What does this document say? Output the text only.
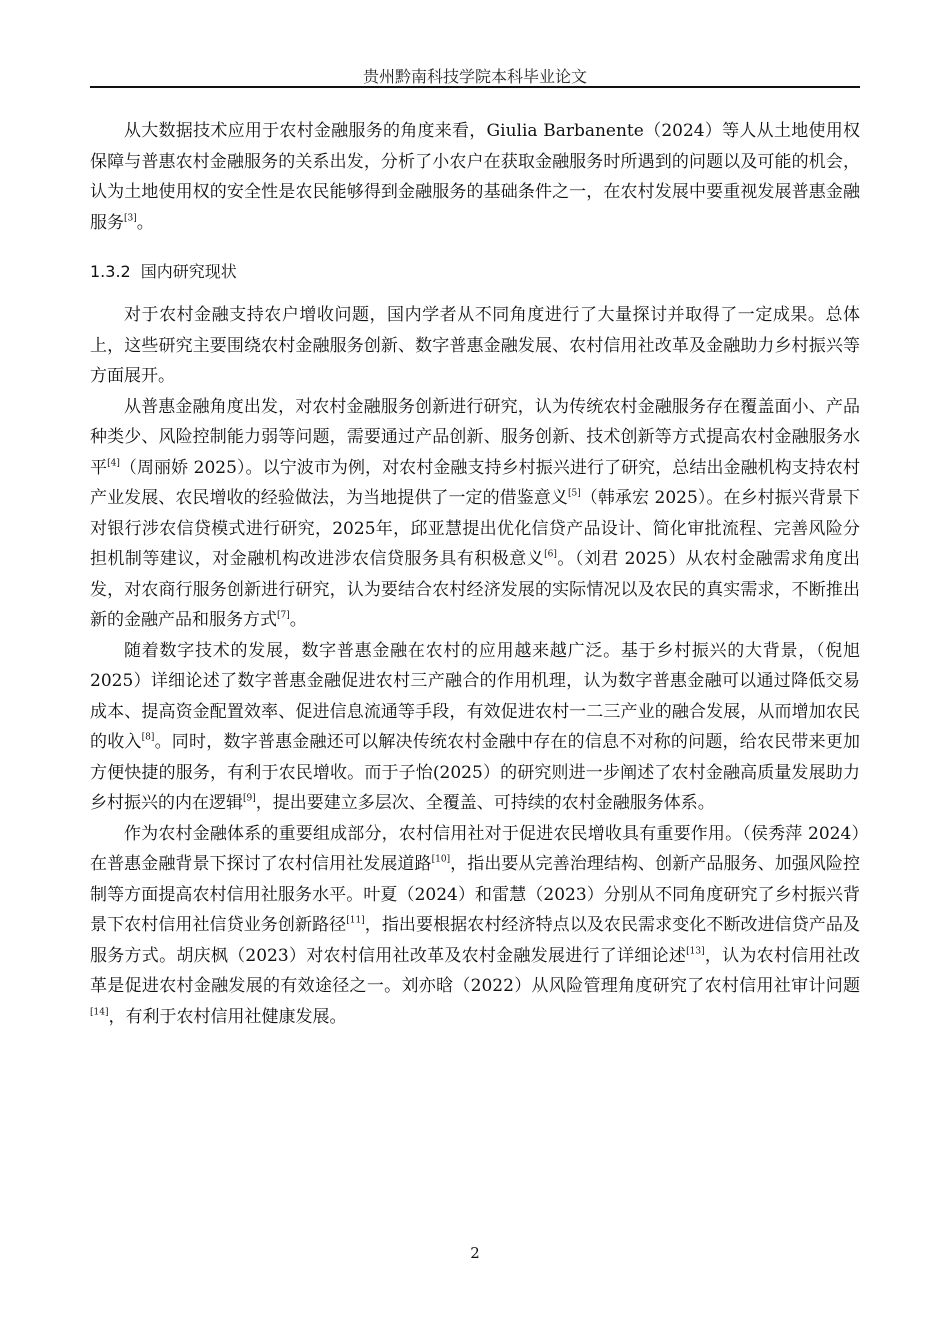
贵州黔南科技学院本科毕业论文

从大数据技术应用于农村金融服务的角度来看，Giulia Barbanente（2024）等人从土地使用权保障与普惠农村金融服务的关系出发，分析了小农户在获取金融服务时所遇到的问题以及可能的机会，认为土地使用权的安全性是农民能够得到金融服务的基础条件之一，在农村发展中要重视发展普惠金融服务[3]。

1.3.2 国内研究现状

对于农村金融支持农户增收问题，国内学者从不同角度进行了大量探讨并取得了一定成果。总体上，这些研究主要围绕农村金融服务创新、数字普惠金融发展、农村信用社改革及金融助力乡村振兴等方面展开。

从普惠金融角度出发，对农村金融服务创新进行研究，认为传统农村金融服务存在覆盖面小、产品种类少、风险控制能力弱等问题，需要通过产品创新、服务创新、技术创新等方式提高农村金融服务水平[4]（周丽娇 2025）。以宁波市为例，对农村金融支持乡村振兴进行了研究，总结出金融机构支持农村产业发展、农民增收的经验做法，为当地提供了一定的借鉴意义[5]（韩承宏 2025）。在乡村振兴背景下对银行涉农信贷模式进行研究，2025年，邱亚慧提出优化信贷产品设计、简化审批流程、完善风险分担机制等建议，对金融机构改进涉农信贷服务具有积极意义[6]。（刘君 2025）从农村金融需求角度出发，对农商行服务创新进行研究，认为要结合农村经济发展的实际情况以及农民的真实需求，不断推出新的金融产品和服务方式[7]。

随着数字技术的发展，数字普惠金融在农村的应用越来越广泛。基于乡村振兴的大背景，（倪旭 2025）详细论述了数字普惠金融促进农村三产融合的作用机理，认为数字普惠金融可以通过降低交易成本、提高资金配置效率、促进信息流通等手段，有效促进农村一二三产业的融合发展，从而增加农民的收入[8]。同时，数字普惠金融还可以解决传统农村金融中存在的信息不对称的问题，给农民带来更加方便快捷的服务，有利于农民增收。而于子怡(2025）的研究则进一步阐述了农村金融高质量发展助力乡村振兴的内在逻辑[9]，提出要建立多层次、全覆盖、可持续的农村金融服务体系。

作为农村金融体系的重要组成部分，农村信用社对于促进农民增收具有重要作用。（侯秀萍 2024）在普惠金融背景下探讨了农村信用社发展道路[10]，指出要从完善治理结构、创新产品服务、加强风险控制等方面提高农村信用社服务水平。叶夏（2024）和雷慧（2023）分别从不同角度研究了乡村振兴背景下农村信用社信贷业务创新路径[11]，指出要根据农村经济特点以及农民需求变化不断改进信贷产品及服务方式。胡庆枫（2023）对农村信用社改革及农村金融发展进行了详细论述[13]，认为农村信用社改革是促进农村金融发展的有效途径之一。刘亦晗（2022）从风险管理角度研究了农村信用社审计问题[14]，有利于农村信用社健康发展。

2
